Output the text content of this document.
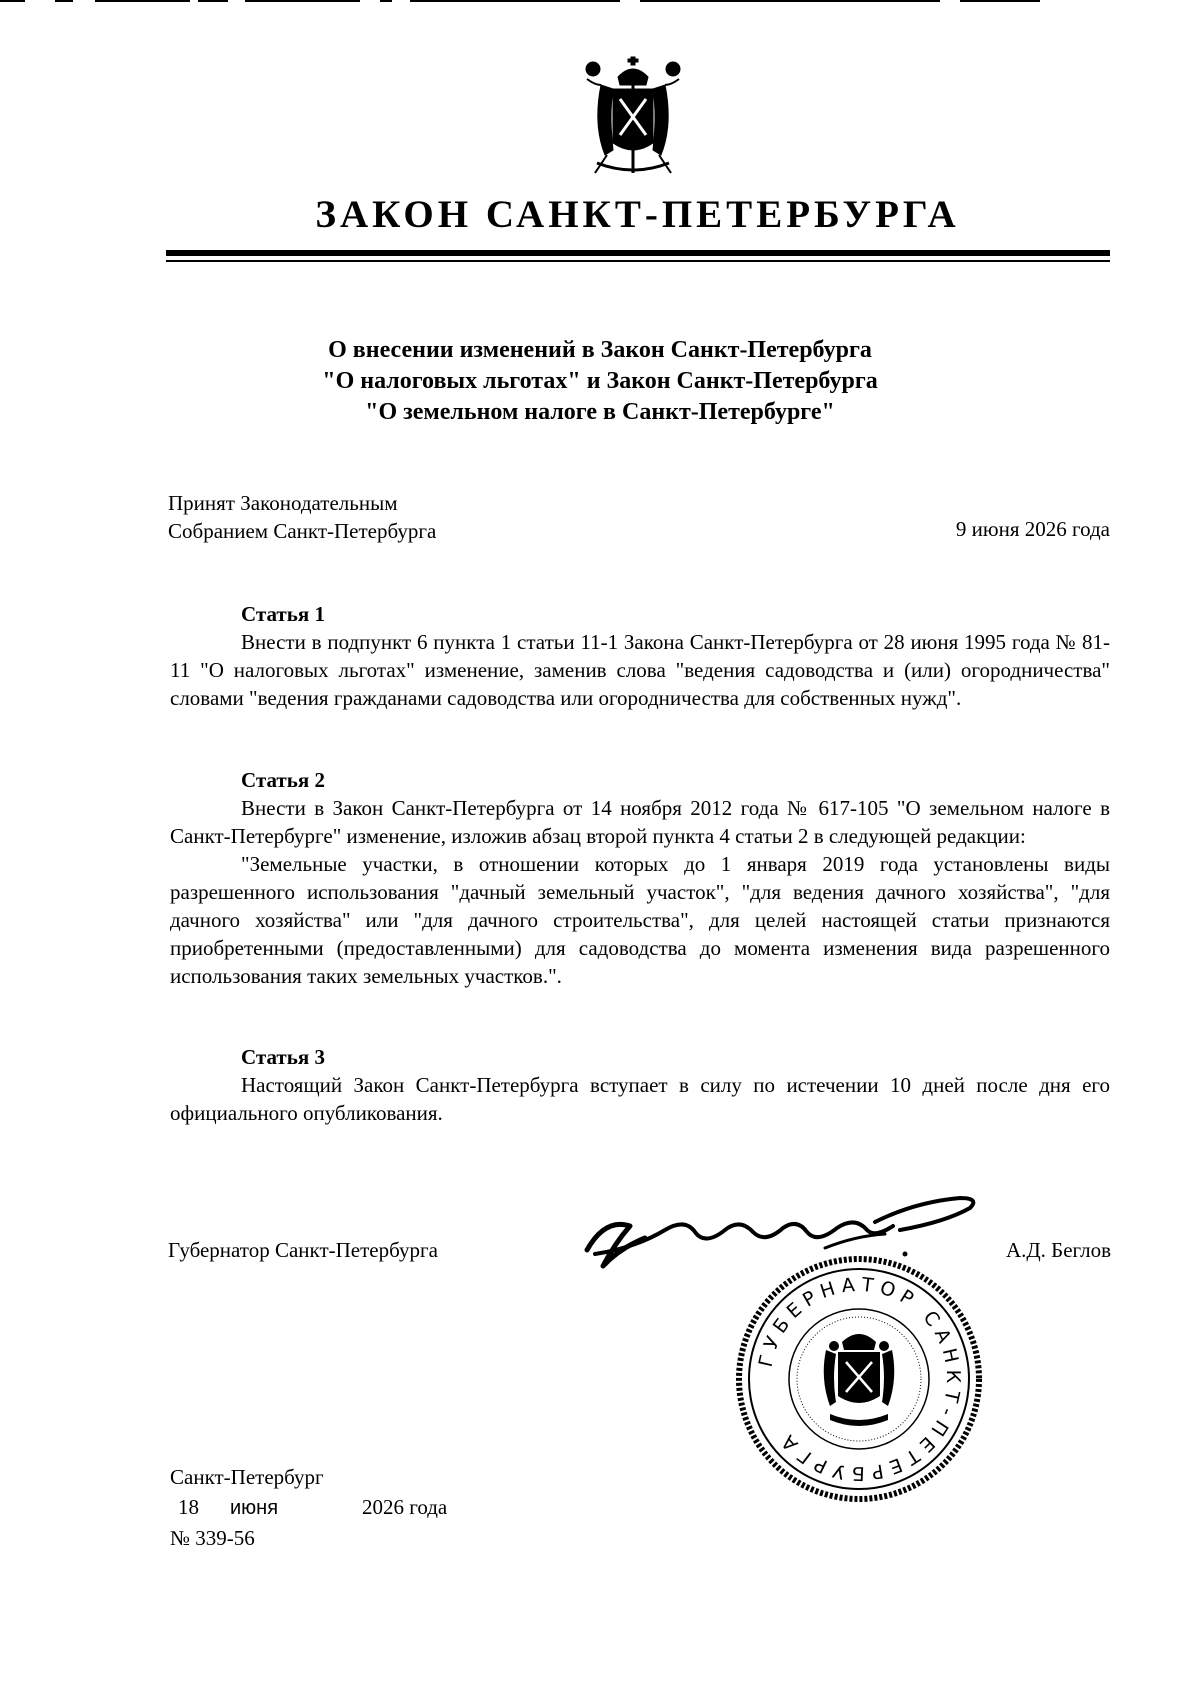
ЗАКОН САНКТ-ПЕТЕРБУРГА
О внесении изменений в Закон Санкт-Петербурга
"О налоговых льготах" и Закон Санкт-Петербурга
"О земельном налоге в Санкт-Петербурге"
Принят Законодательным
Собранием Санкт-Петербурга	9 июня 2026 года

Статья 1

Внести в подпункт 6 пункта 1 статьи 11-1 Закона Санкт-Петербурга от 28 июня 1995 года № 81-11 "О налоговых льготах" изменение, заменив слова "ведения садоводства и (или) огородничества" словами "ведения гражданами садоводства или огородничества для собственных нужд".

Статья 2

Внести в Закон Санкт-Петербурга от 14 ноября 2012 года № 617-105 "О земельном налоге в Санкт-Петербурге" изменение, изложив абзац второй пункта 4 статьи 2 в следующей редакции:

"Земельные участки, в отношении которых до 1 января 2019 года установлены виды разрешенного использования "дачный земельный участок", "для ведения дачного хозяйства", "для дачного хозяйства" или "для дачного строительства", для целей настоящей статьи признаются приобретенными (предоставленными) для садоводства до момента изменения вида разрешенного использования таких земельных участков.".

Статья 3

Настоящий Закон Санкт-Петербурга вступает в силу по истечении 10 дней после дня его официального опубликования.

Губернатор Санкт-Петербурга	А.Д. Беглов
ГУБЕРНАТОР САНКТ-ПЕТЕРБУРГА
Санкт-Петербург
18	июня	2026 года
№ 339-56
